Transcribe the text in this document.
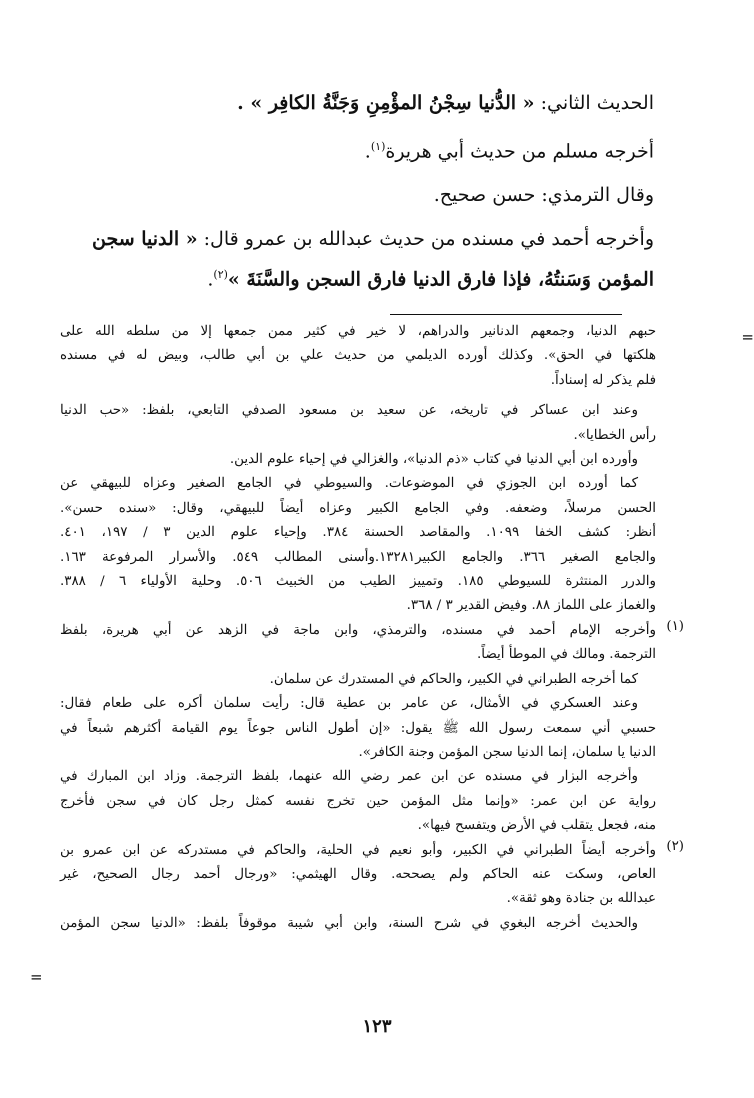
الحديث الثاني: « الدُّنيا سِجْنُ المؤْمِنِ وَجَنَّةُ الكافِر » .
أخرجه مسلم من حديث أبي هريرة$^{(١)}$.
وقال الترمذي: حسن صحيح.
وأخرجه أحمد في مسنده من حديث عبدالله بن عمرو قال: « الدنيا سجن
المؤمن وَسَنتُهُ، فإذا فارق الدنيا فارق السجن والسَّنَةَ »$^{(٢)}$.
=
حبهم الدنيا، وجمعهم الدنانير والدراهم، لا خير في كثير ممن جمعها إلا من سلطه الله على
هلكتها في الحق». وكذلك أورده الديلمي من حديث علي بن أبي طالب، وبيض له في مسنده
فلم يذكر له إسناداً.
وعند ابن عساكر في تاريخه، عن سعيد بن مسعود الصدفي التابعي، بلفظ: «حب الدنيا
رأس الخطايا».
وأورده ابن أبي الدنيا في كتاب «ذم الدنيا»، والغزالي في إحياء علوم الدين.
كما أورده ابن الجوزي في الموضوعات. والسيوطي في الجامع الصغير وعزاه للبيهقي عن
الحسن مرسلاً، وضعفه. وفي الجامع الكبير وعزاه أيضاً للبيهقي، وقال: «سنده حسن».
أنظر: كشف الخفا ١٠٩٩. والمقاصد الحسنة ٣٨٤. وإحياء علوم الدين ٣ / ١٩٧، ٤٠١.
والجامع الصغير ٣٦٦. والجامع الكبير١٣٢٨١.وأسنى المطالب ٥٤٩. والأسرار المرفوعة ١٦٣.
والدرر المنتثرة للسيوطي ١٨٥. وتمييز الطيب من الخبيث ٥٠٦. وحلية الأولياء ٦ / ٣٨٨.
والغماز على اللماز ٨٨. وفيض القدير ٣ / ٣٦٨.
(١)
وأخرجه الإمام أحمد في مسنده، والترمذي، وابن ماجة في الزهد عن أبي هريرة، بلفظ
الترجمة. ومالك في الموطأ أيضاً.
كما أخرجه الطبراني في الكبير، والحاكم في المستدرك عن سلمان.
وعند العسكري في الأمثال، عن عامر بن عطية قال: رأيت سلمان أكره على طعام فقال:
حسبي أني سمعت رسول الله ﷺ يقول: «إن أطول الناس جوعاً يوم القيامة أكثرهم شبعاً في
الدنيا يا سلمان، إنما الدنيا سجن المؤمن وجنة الكافر».
وأخرجه البزار في مسنده عن ابن عمر رضي الله عنهما، بلفظ الترجمة. وزاد ابن المبارك في
رواية عن ابن عمر: «وإنما مثل المؤمن حين تخرج نفسه كمثل رجل كان في سجن فأخرج
منه، فجعل يتقلب في الأرض ويتفسح فيها».
(٢)
وأخرجه أيضاً الطبراني في الكبير، وأبو نعيم في الحلية، والحاكم في مستدركه عن ابن عمرو بن
العاص، وسكت عنه الحاكم ولم يصححه. وقال الهيثمي: «ورجال أحمد رجال الصحيح، غير
عبدالله بن جنادة وهو ثقة».
والحديث أخرجه البغوي في شرح السنة، وابن أبي شيبة موقوفاً بلفظ: «الدنيا سجن المؤمن
=
١٢٣
